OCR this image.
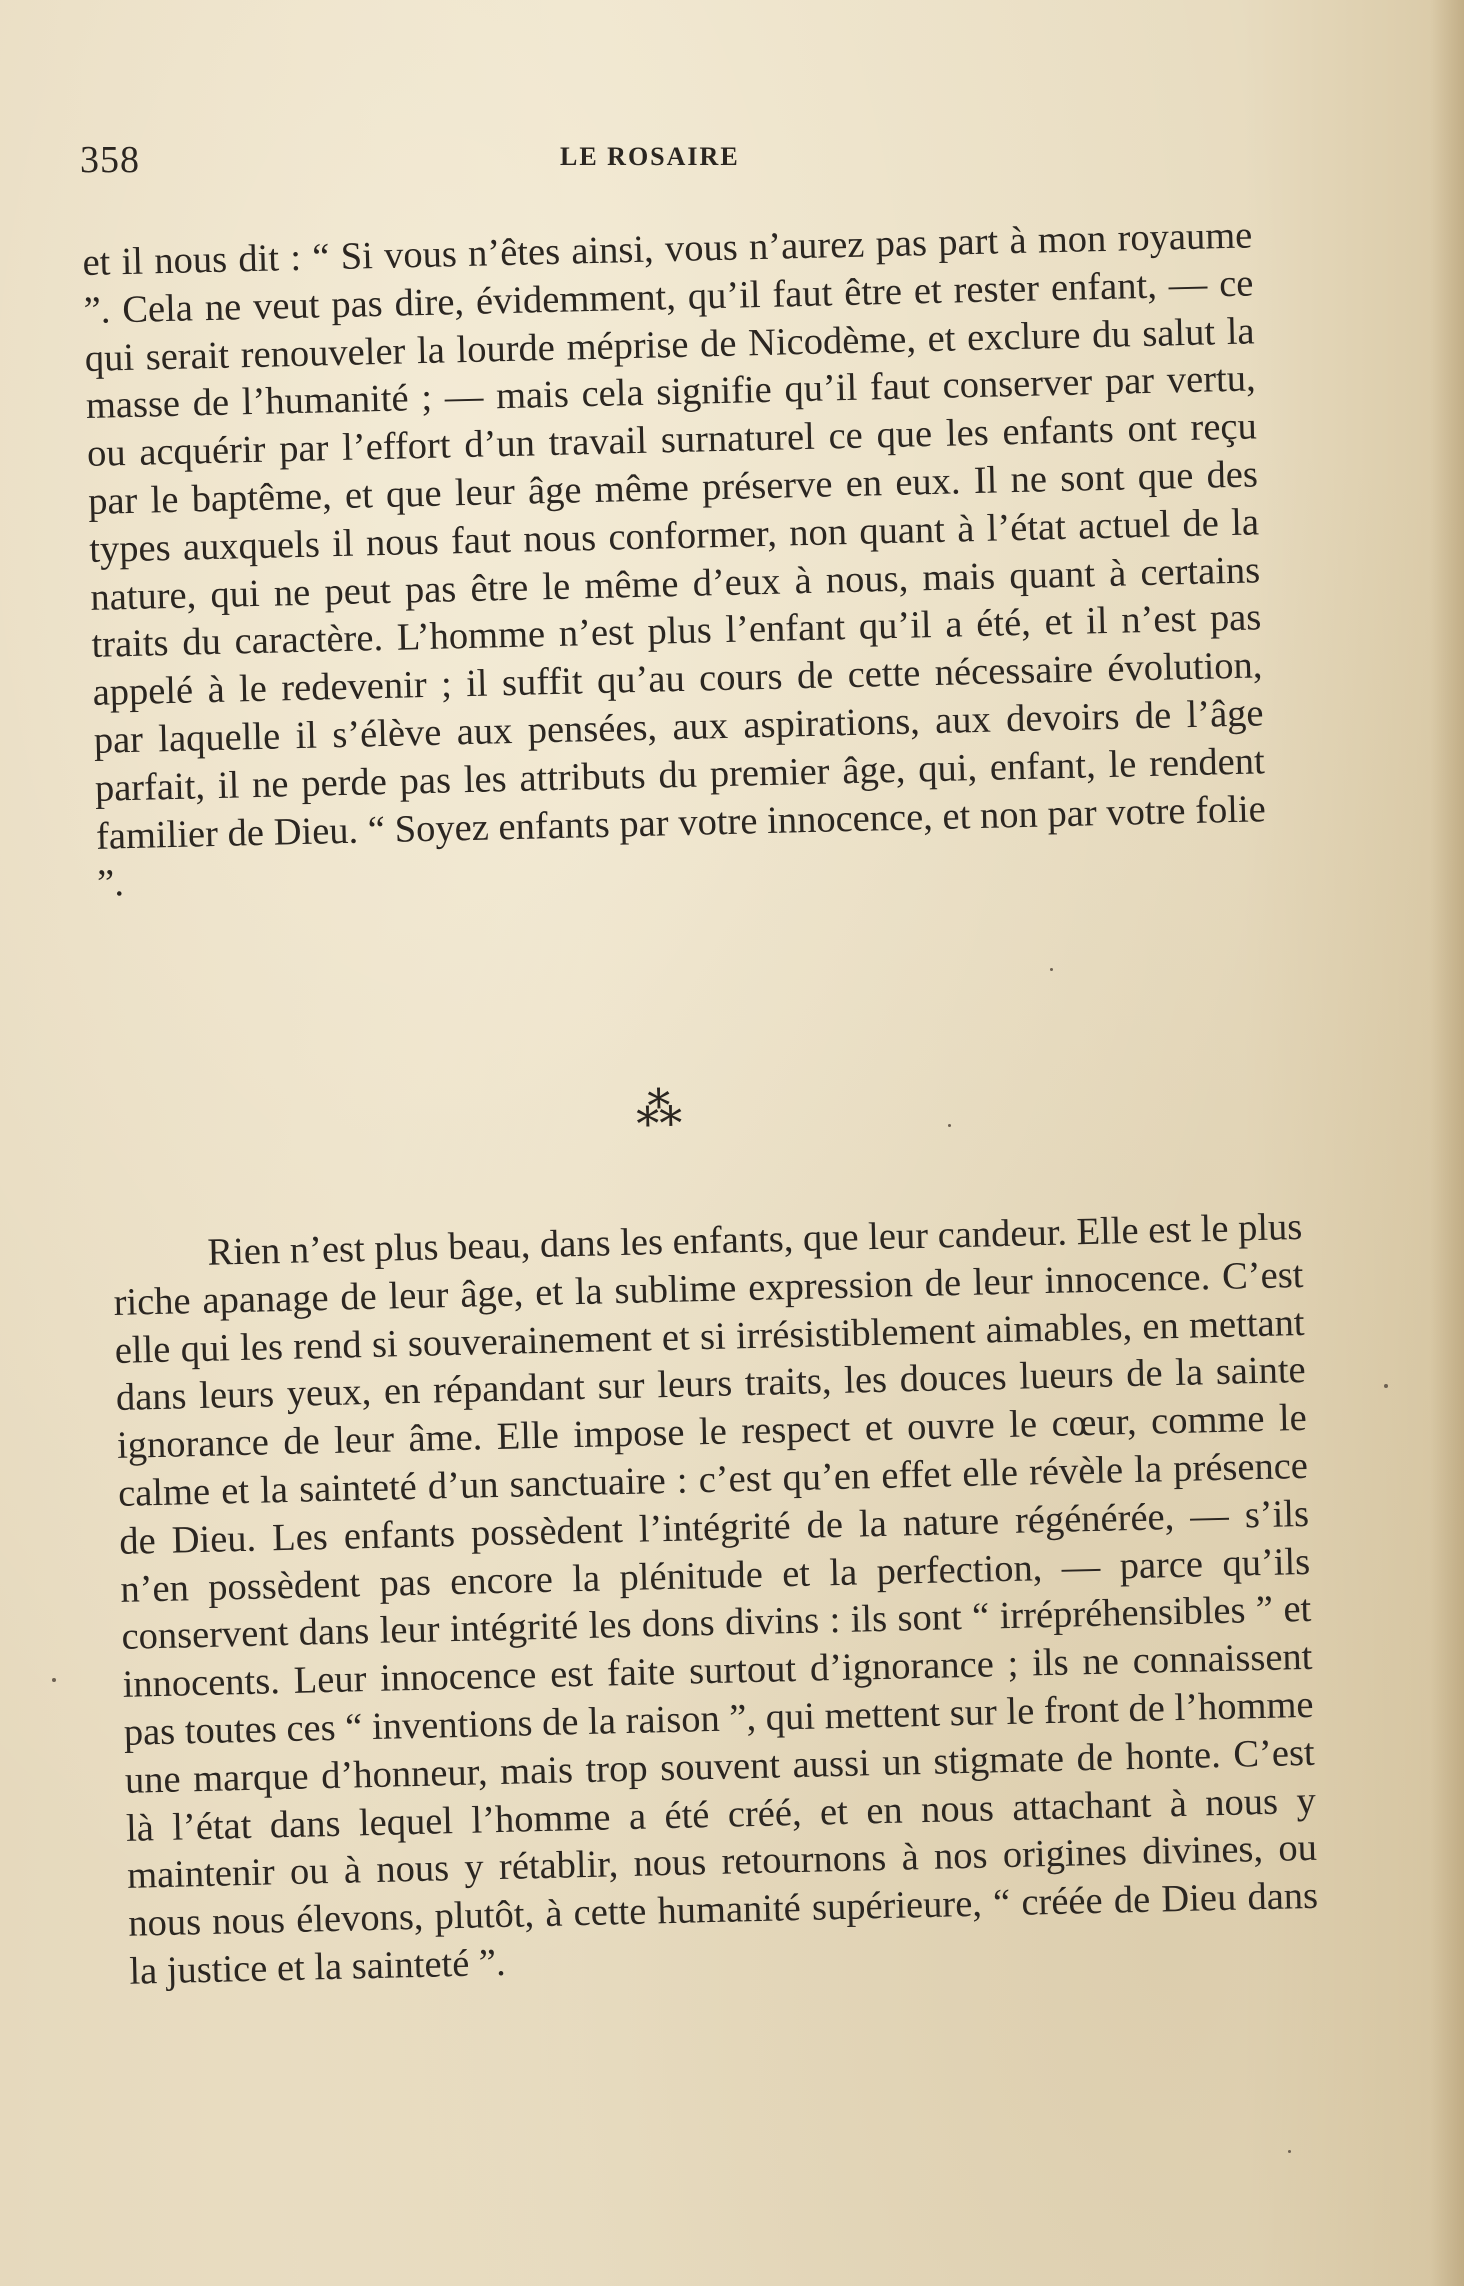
358	LE ROSAIRE

et il nous dit : “ Si vous n’êtes ainsi, vous n’aurez pas part à mon royaume ”. Cela ne veut pas dire, évidemment, qu’il faut être et rester enfant, — ce qui serait renouveler la lourde méprise de Nicodème, et exclure du salut la masse de l’humanité ; — mais cela signifie qu’il faut conserver par vertu, ou acquérir par l’effort d’un travail surnaturel ce que les enfants ont reçu par le baptême, et que leur âge même préserve en eux. Il ne sont que des types auxquels il nous faut nous conformer, non quant à l’état actuel de la nature, qui ne peut pas être le même d’eux à nous, mais quant à certains traits du caractère. L’homme n’est plus l’enfant qu’il a été, et il n’est pas appelé à le redevenir ; il suffit qu’au cours de cette nécessaire évolution, par laquelle il s’élève aux pensées, aux aspirations, aux devoirs de l’âge parfait, il ne perde pas les attributs du premier âge, qui, enfant, le rendent familier de Dieu. “ Soyez enfants par votre innocence, et non par votre folie ”.

⁂

Rien n’est plus beau, dans les enfants, que leur candeur. Elle est le plus riche apanage de leur âge, et la sublime expression de leur innocence. C’est elle qui les rend si souverainement et si irrésistiblement aimables, en mettant dans leurs yeux, en répandant sur leurs traits, les douces lueurs de la sainte ignorance de leur âme. Elle impose le respect et ouvre le cœur, comme le calme et la sainteté d’un sanctuaire : c’est qu’en effet elle révèle la présence de Dieu. Les enfants possèdent l’intégrité de la nature régénérée, — s’ils n’en possèdent pas encore la plénitude et la perfection, — parce qu’ils conservent dans leur intégrité les dons divins : ils sont “ irrépréhensibles ” et innocents. Leur innocence est faite surtout d’ignorance ; ils ne connaissent pas toutes ces “ inventions de la raison ”, qui mettent sur le front de l’homme une marque d’honneur, mais trop souvent aussi un stigmate de honte. C’est là l’état dans lequel l’homme a été créé, et en nous attachant à nous y maintenir ou à nous y rétablir, nous retournons à nos origines divines, ou nous nous élevons, plutôt, à cette humanité supérieure, “ créée de Dieu dans la justice et la sainteté ”.
